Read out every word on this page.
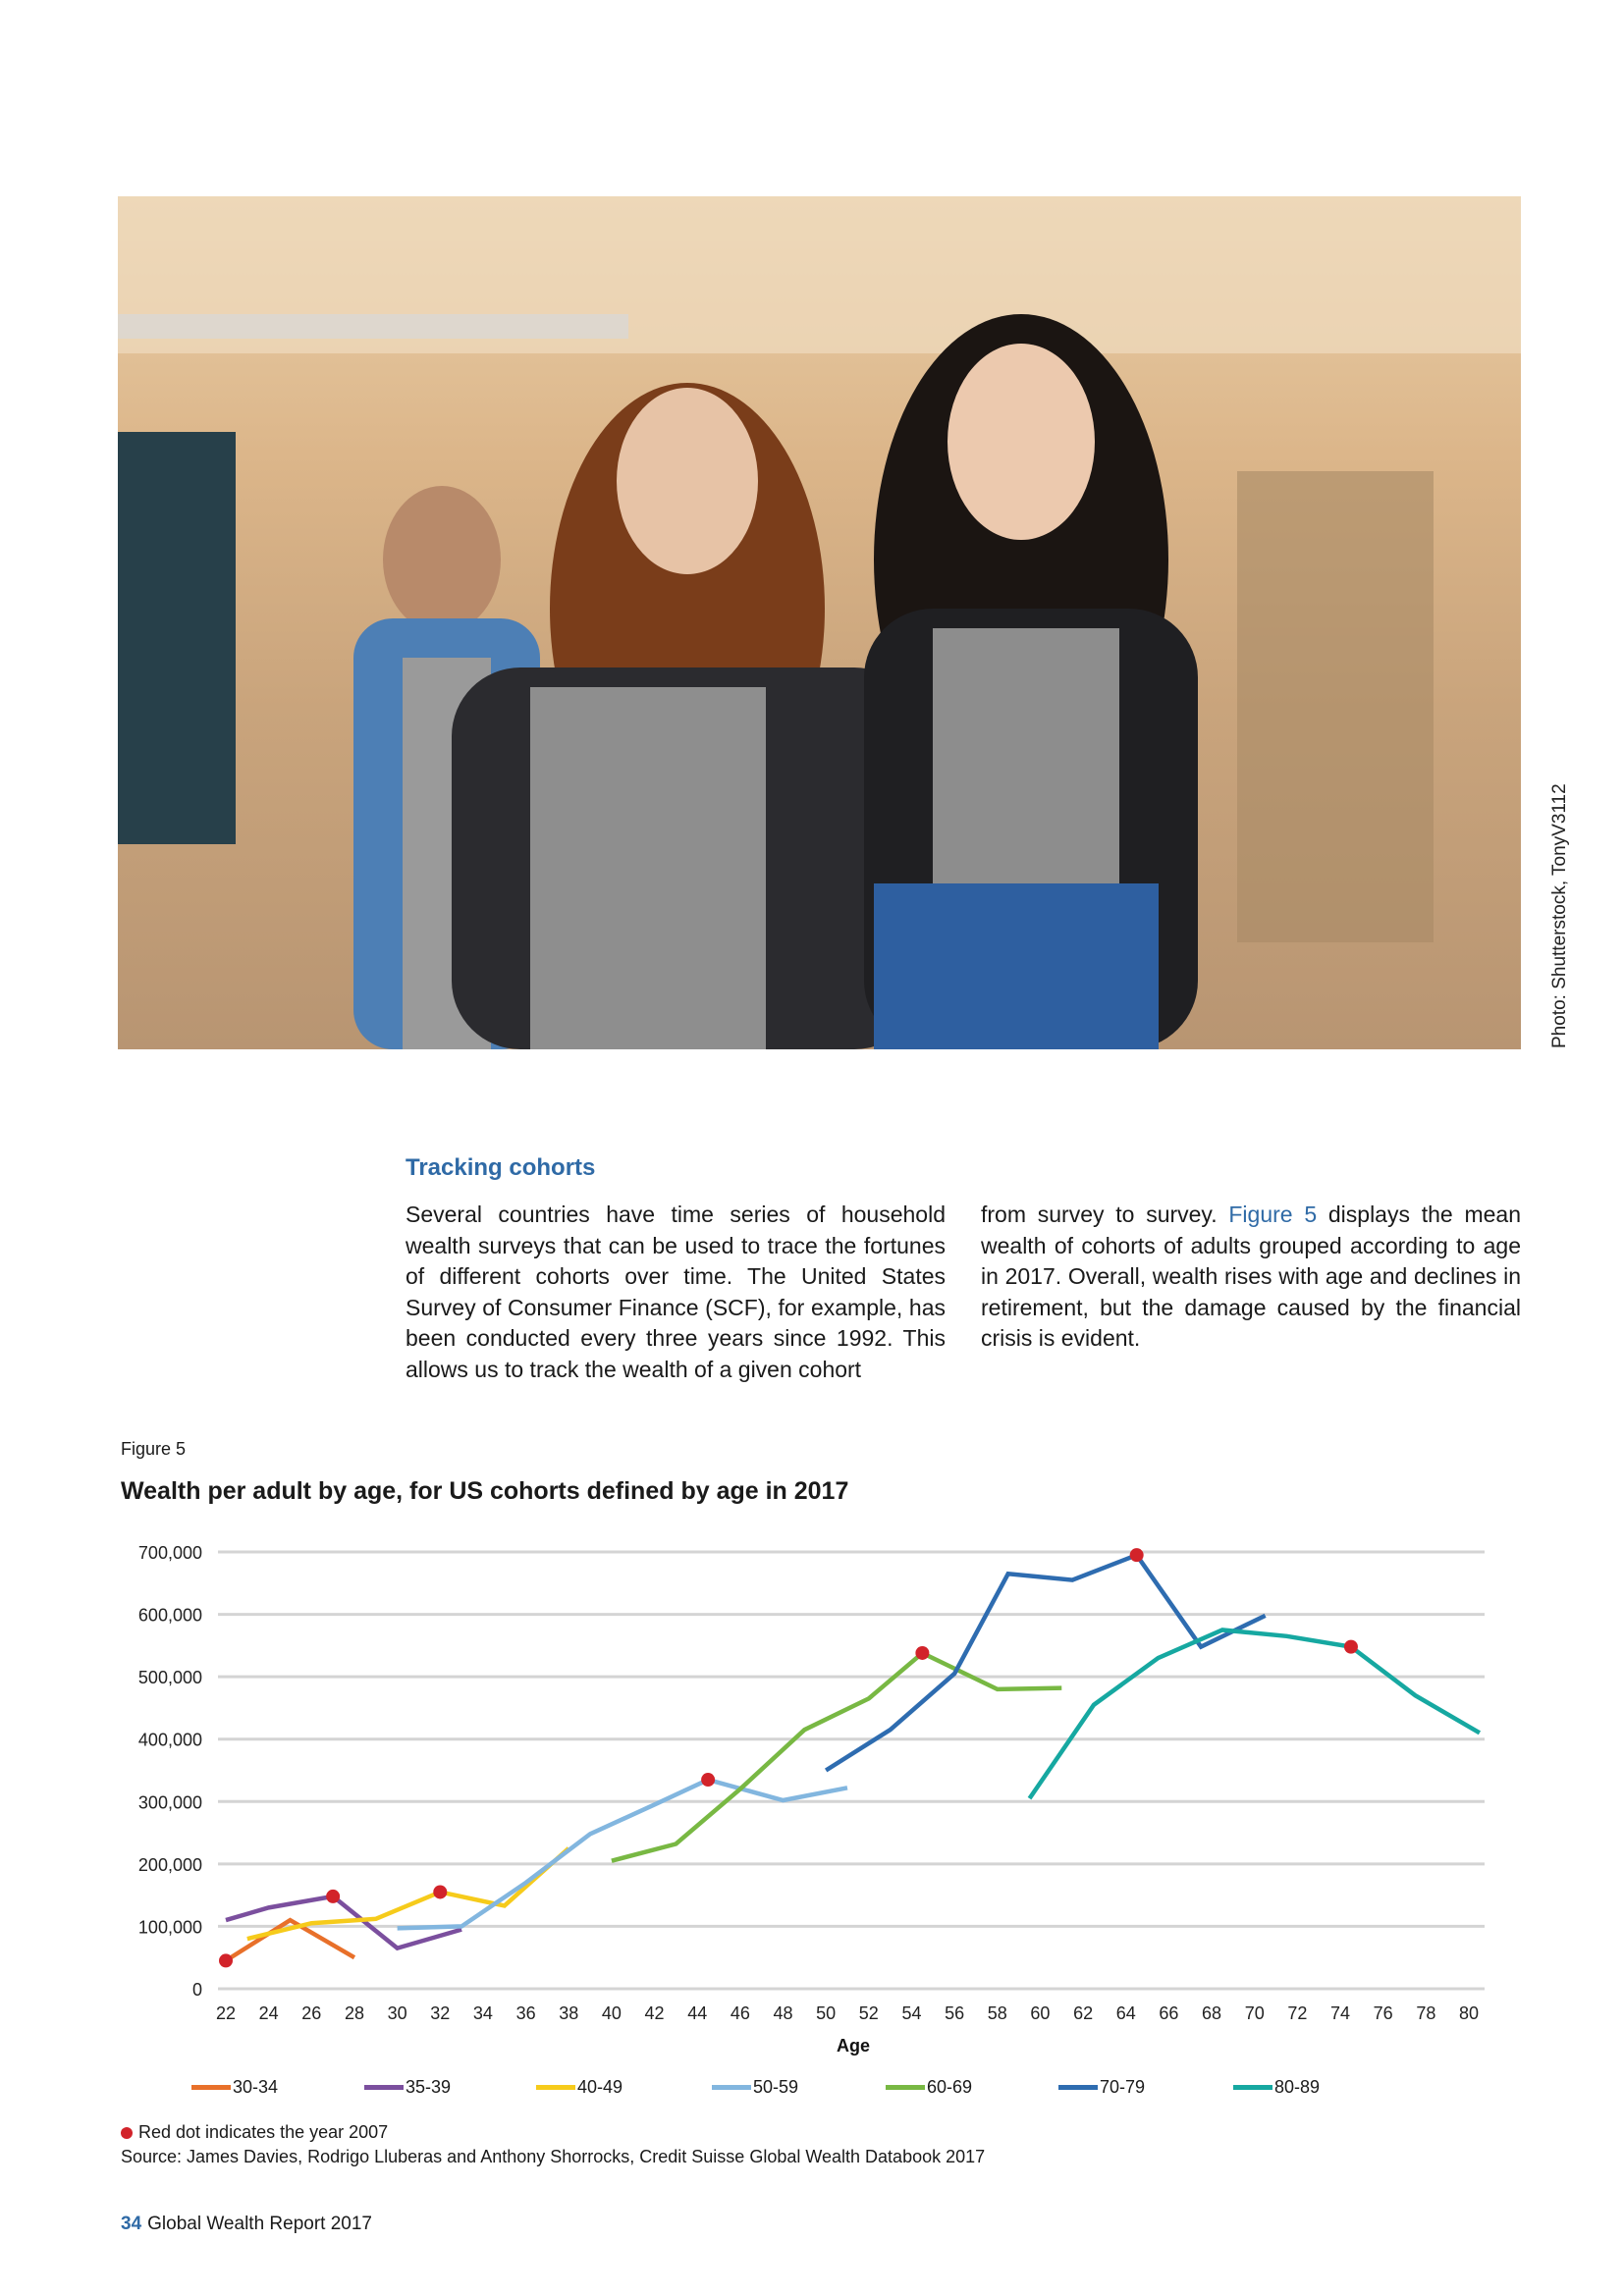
Photo: Shutterstock, TonyV3112
Tracking cohorts
Several countries have time series of household wealth surveys that can be used to trace the fortunes of different cohorts over time. The United States Survey of Consumer Finance (SCF), for example, has been conducted every three years since 1992. This allows us to track the wealth of a given cohort
from survey to survey. Figure 5 displays the mean wealth of cohorts of adults grouped according to age in 2017. Overall, wealth rises with age and declines in retirement, but the damage caused by the financial crisis is evident.
Figure 5
Wealth per adult by age, for US cohorts defined by age in 2017
0
100,000
200,000
300,000
400,000
500,000
600,000
700,000
22 24 26 28 30 32 34 36 38 40 42 44 46 48 50 52 54 56 58 60 62 64 66 68 70 72 74 76 78 80
Age
30-34	35-39	40-49	50-59	60-69	70-79	80-89
Red dot indicates the year 2007
Source: James Davies, Rodrigo Lluberas and Anthony Shorrocks, Credit Suisse Global Wealth Databook 2017
34 Global Wealth Report 2017
